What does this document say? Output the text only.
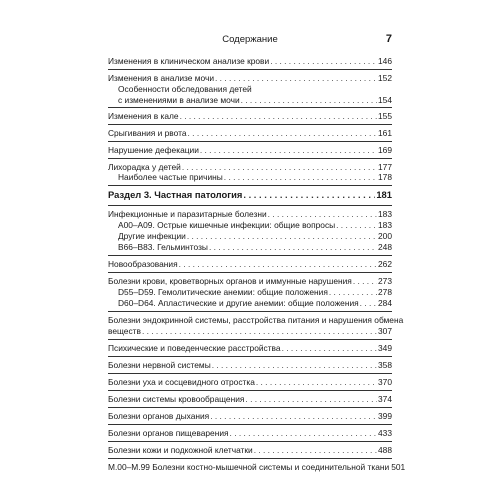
Содержание	7
Изменения в клиническом анализе крови . . .	146
Изменения в анализе мочи . . .	152
Особенности обследования детей
с изменениями в анализе мочи . . .	154
Изменения в кале . . .	155
Срыгивания и рвота . . .	161
Нарушение дефекации . . .	169
Лихорадка у детей . . .	177
Наиболее частые причины . . .	178
Раздел 3. Частная патология . . .	181
Инфекционные и паразитарные болезни . . .	183
А00–А09. Острые кишечные инфекции: общие вопросы . . .	183
Другие инфекции . . .	200
В66–В83. Гельминтозы . . .	248
Новообразования . . .	262
Болезни крови, кроветворных органов и иммунные нарушения . . .	273
D55–D59. Гемолитические анемии: общие положения . . .	278
D60–D64. Апластические и другие анемии: общие положения . . . 284
Болезни эндокринной системы, расстройства питания и нарушения обмена
веществ . . .	307
Психические и поведенческие расстройства . . .	349
Болезни нервной системы . . .	358
Болезни уха и сосцевидного отростка . . .	370
Болезни системы кровообращения . . .	374
Болезни органов дыхания . . .	399
Болезни органов пищеварения . . .	433
Болезни кожи и подкожной клетчатки . . .	488
М.00–М.99 Болезни костно-мышечной системы и соединительной ткани 501
